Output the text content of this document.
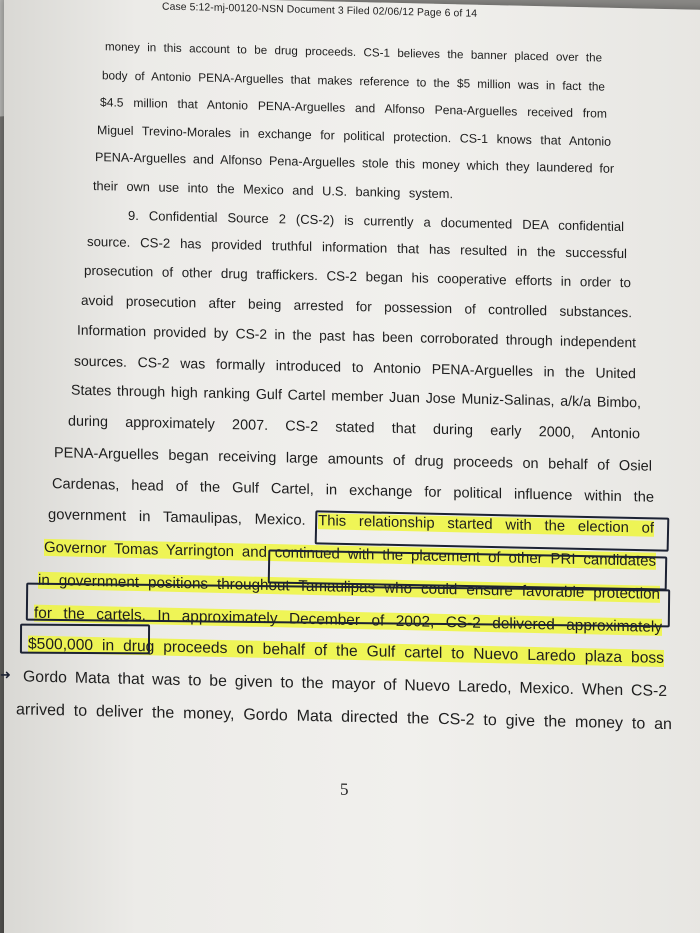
Case 5:12-mj-00120-NSN Document 3 Filed 02/06/12 Page 6 of 14
money in this account to be drug proceeds. CS-1 believes the banner placed over the
body of Antonio PENA-Arguelles that makes reference to the $5 million was in fact the
$4.5 million that Antonio PENA-Arguelles and Alfonso Pena-Arguelles received from
Miguel Trevino-Morales in exchange for political protection. CS-1 knows that Antonio
PENA-Arguelles and Alfonso Pena-Arguelles stole this money which they laundered for
their own use into the Mexico and U.S. banking system.
9. Confidential Source 2 (CS-2) is currently a documented DEA confidential
source. CS-2 has provided truthful information that has resulted in the successful
prosecution of other drug traffickers. CS-2 began his cooperative efforts in order to
avoid prosecution after being arrested for possession of controlled substances.
Information provided by CS-2 in the past has been corroborated through independent
sources. CS-2 was formally introduced to Antonio PENA-Arguelles in the United
States through high ranking Gulf Cartel member Juan Jose Muniz-Salinas, a/k/a Bimbo,
during approximately 2007. CS-2 stated that during early 2000, Antonio
PENA-Arguelles began receiving large amounts of drug proceeds on behalf of Osiel
Cardenas, head of the Gulf Cartel, in exchange for political influence within the
government in Tamaulipas, Mexico. This relationship started with the election of
Governor Tomas Yarrington and continued with the placement of other PRI candidates
in government positions throughout Tamaulipas who could ensure favorable protection
for the cartels. In approximately December of 2002, CS-2 delivered approximately
$500,000 in drug proceeds on behalf of the Gulf cartel to Nuevo Laredo plaza boss
Gordo Mata that was to be given to the mayor of Nuevo Laredo, Mexico. When CS-2
arrived to deliver the money, Gordo Mata directed the CS-2 to give the money to an
5
➜
